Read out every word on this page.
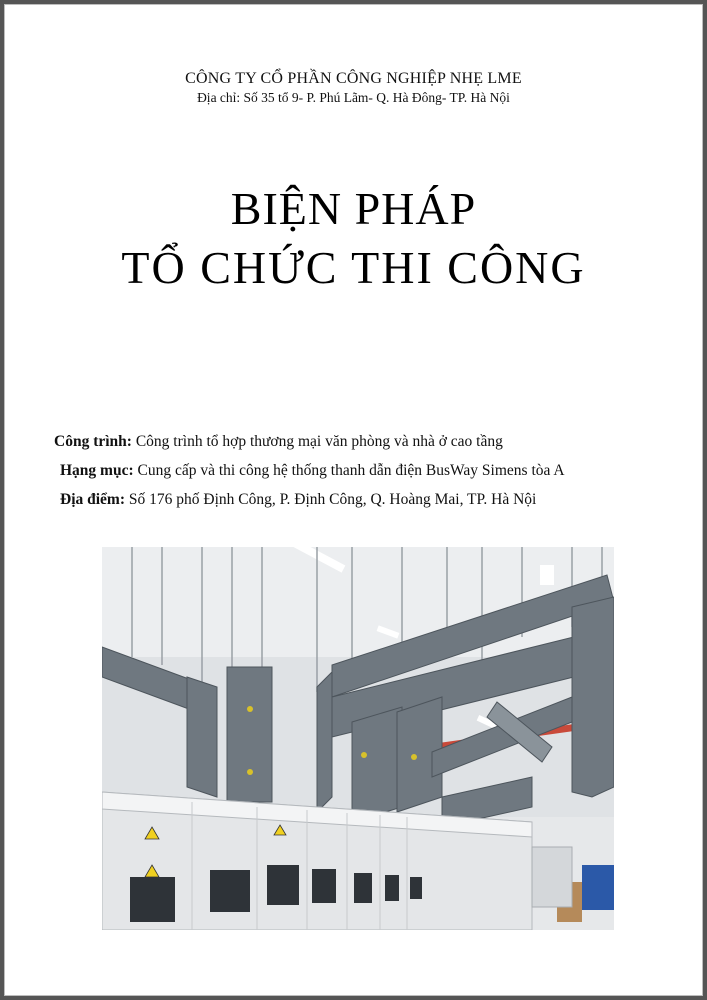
CÔNG TY CỔ PHẦN CÔNG NGHIỆP NHẸ LME
Địa chỉ: Số 35 tổ 9- P. Phú Lãm- Q. Hà Đông- TP. Hà Nội
BIỆN PHÁP
TỔ CHỨC THI CÔNG
Công trình: Công trình tổ hợp thương mại văn phòng và nhà ở cao tầng
Hạng mục: Cung cấp và thi công hệ thống thanh dẫn điện BusWay Simens tòa A
Địa điểm: Số 176 phố Định Công, P. Định Công, Q. Hoàng Mai, TP. Hà Nội
